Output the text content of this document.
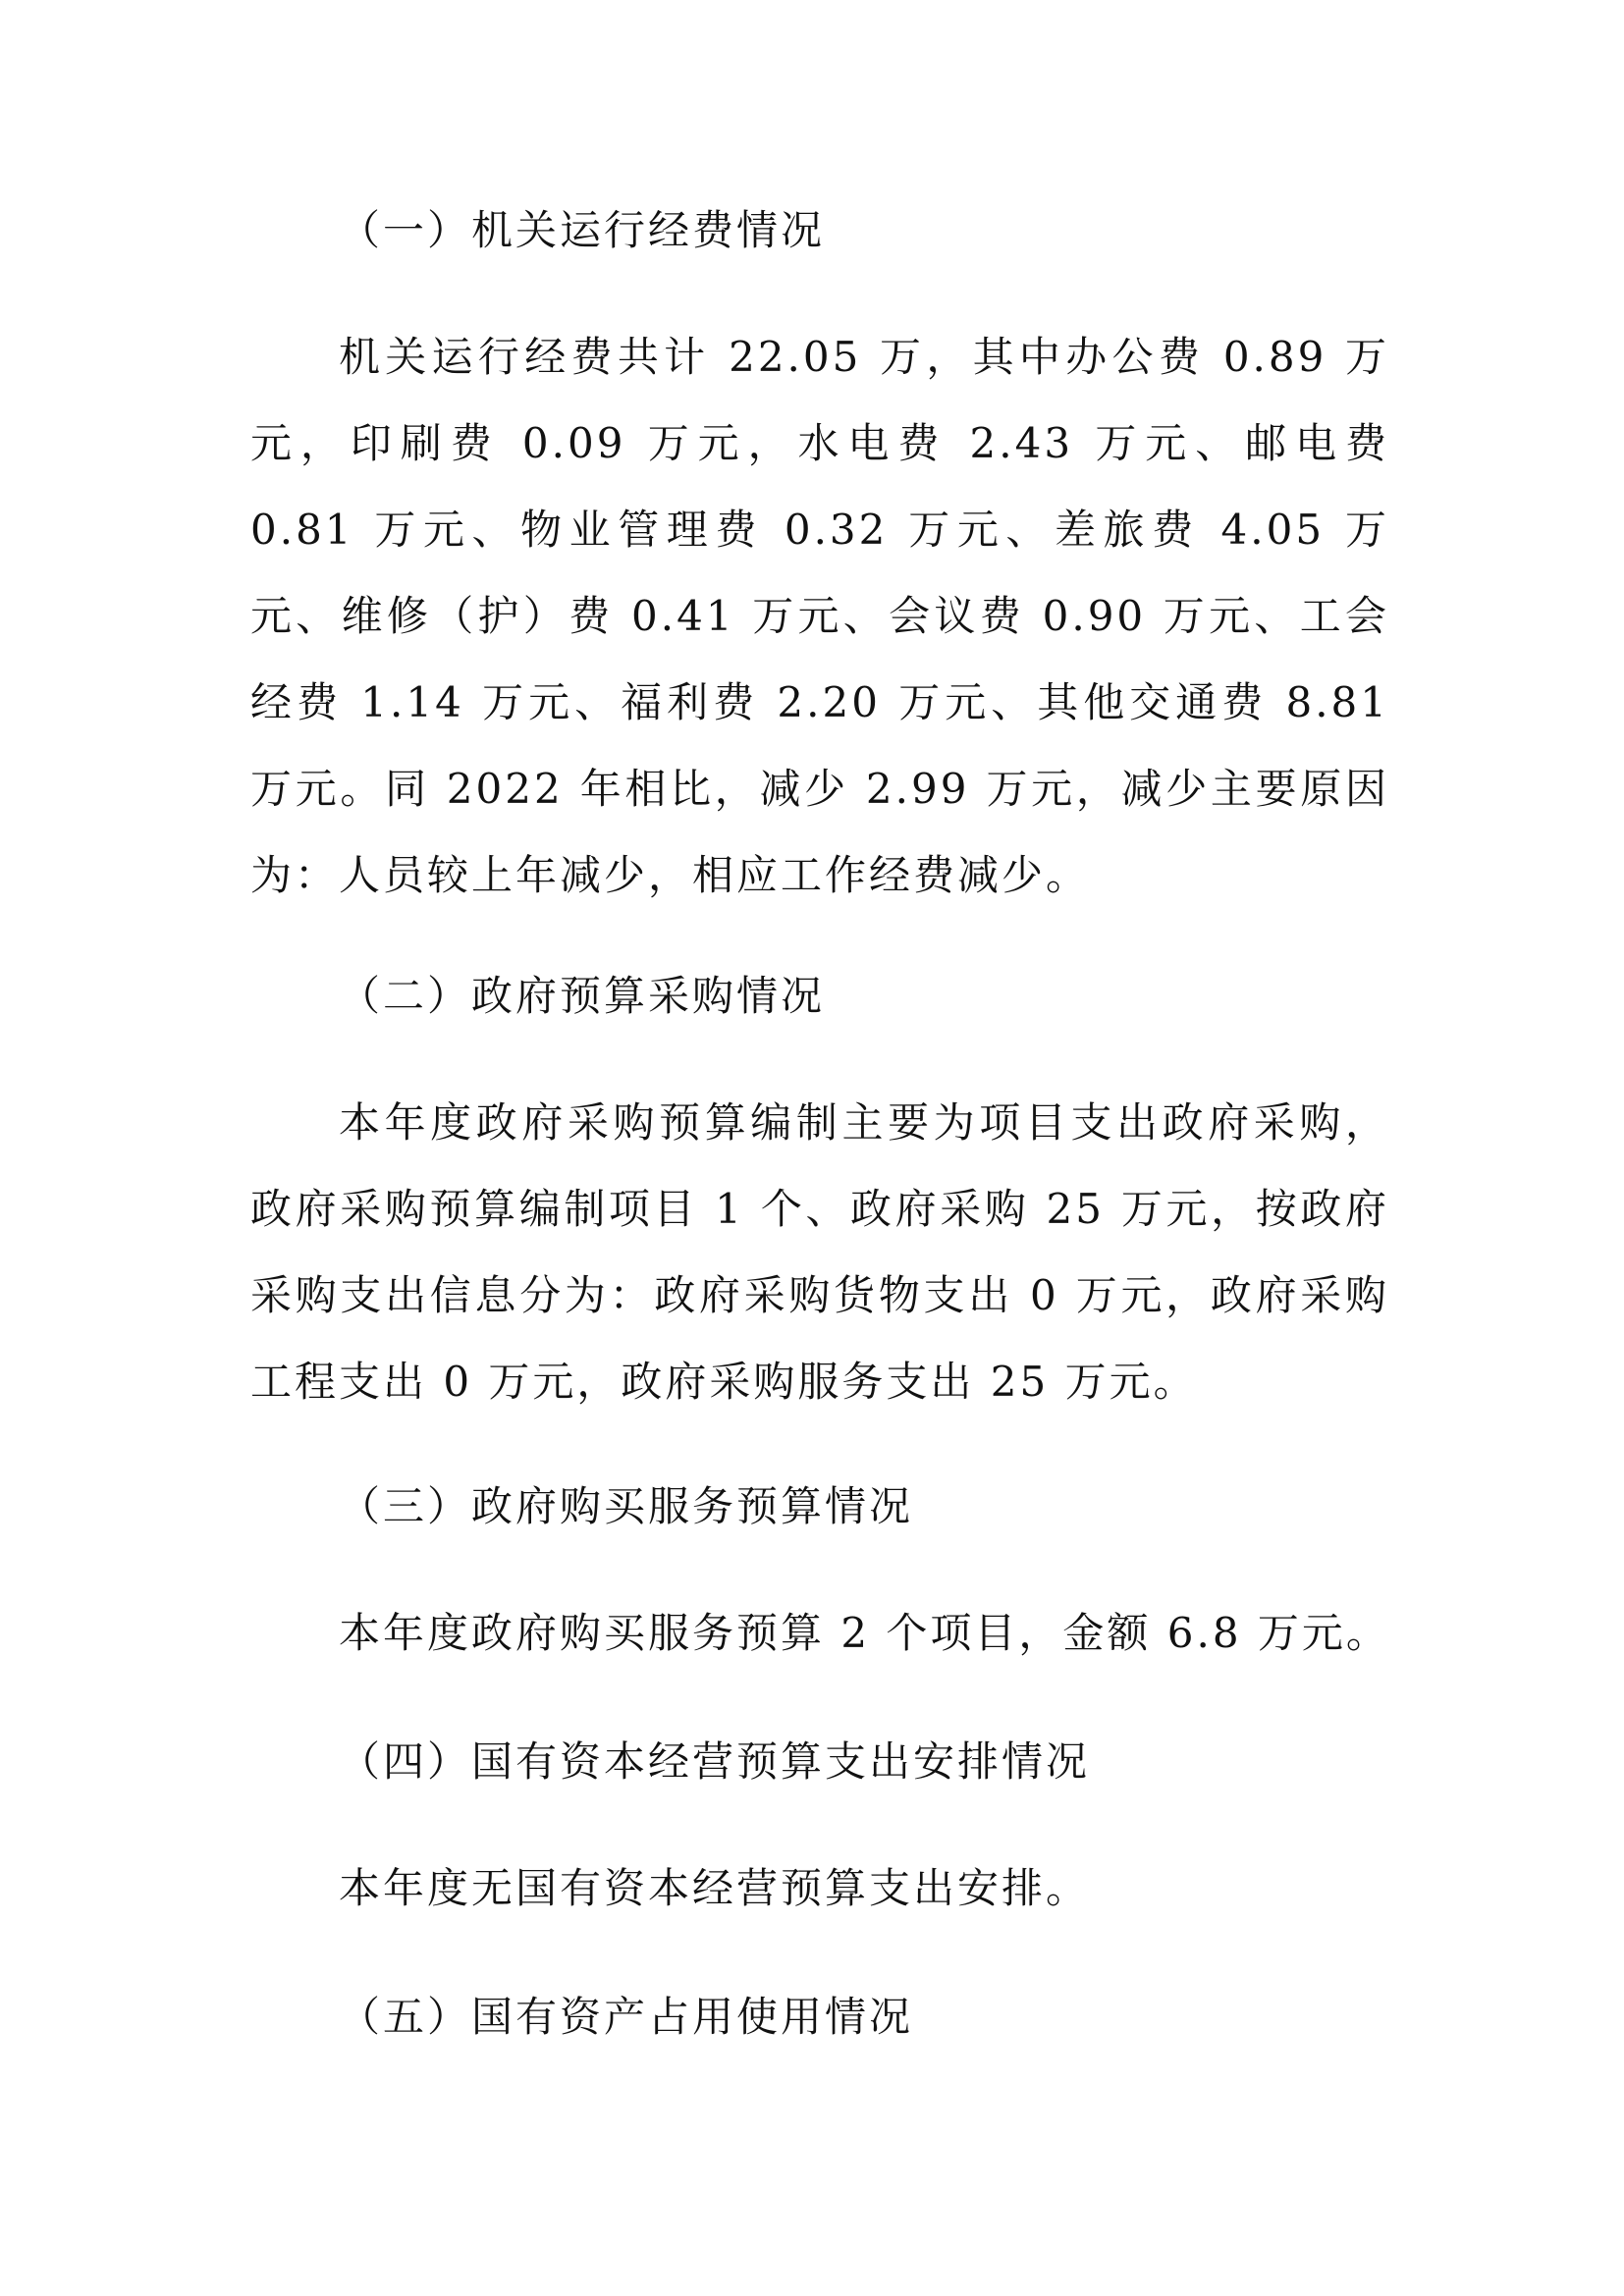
（一）机关运行经费情况

机关运行经费共计 22.05 万，其中办公费 0.89 万元，印刷费 0.09 万元，水电费 2.43 万元、邮电费 0.81 万元、物业管理费 0.32 万元、差旅费 4.05 万元、维修（护）费 0.41 万元、会议费 0.90 万元、工会经费 1.14 万元、福利费 2.20 万元、其他交通费 8.81 万元。同 2022 年相比，减少 2.99 万元，减少主要原因为：人员较上年减少，相应工作经费减少。

（二）政府预算采购情况

本年度政府采购预算编制主要为项目支出政府采购，政府采购预算编制项目 1 个、政府采购 25 万元，按政府采购支出信息分为：政府采购货物支出 0 万元，政府采购工程支出 0 万元，政府采购服务支出 25 万元。

（三）政府购买服务预算情况

本年度政府购买服务预算 2 个项目，金额 6.8 万元。

（四）国有资本经营预算支出安排情况

本年度无国有资本经营预算支出安排。

（五）国有资产占用使用情况
